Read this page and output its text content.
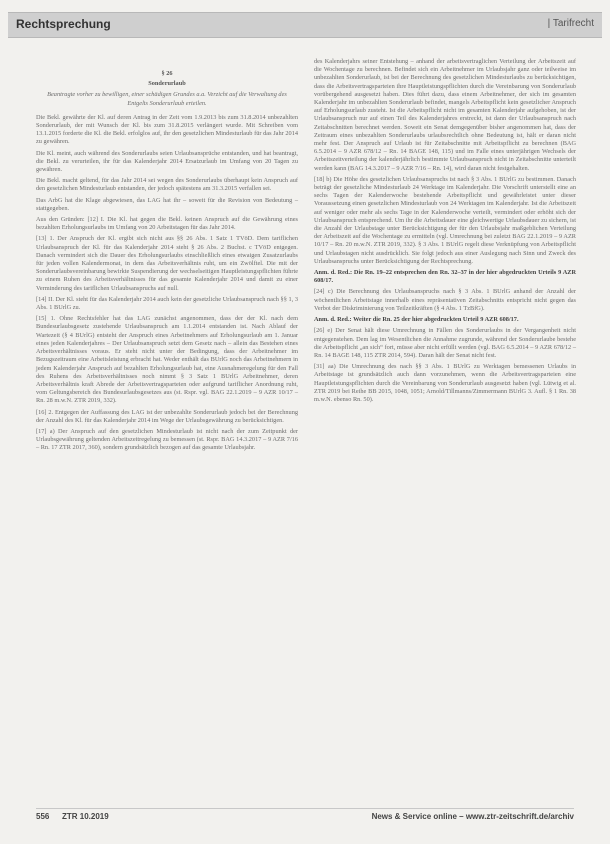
Rechtsprechung	| Tarifrecht

§ 26

Sonderurlaub

Beantragte vorher zu bewilligen, einer schädigen Grundes a.a. Verzicht auf die Verwaltung des Entgelts Sonderurlaub erteilen.

Die Bekl. gewährte der Kl. auf deren Antrag in der Zeit vom 1.9.2013 bis zum 31.8.2014 unbezahlten Sonderurlaub, der mit Wunsch der Kl. bis zum 31.8.2015 verlängert wurde. Mit Schreiben vom 13.1.2015 forderte die Kl. die Bekl. erfolglos auf, ihr den gesetzlichen Mindesturlaub für das Jahr 2014 zu gewähren.

Die Kl. meint, auch während des Sonderurlaubs seien Urlaubsansprüche entstanden, und hat beantragt, die Bekl. zu verurteilen, ihr für das Kalenderjahr 2014 Ersatzurlaub im Umfang von 20 Tagen zu gewähren.

Die Bekl. macht geltend, für das Jahr 2014 sei wegen des Sonderurlaubs überhaupt kein Anspruch auf den gesetzlichen Mindesturlaub entstanden, der jedoch spätestens am 31.3.2015 verfallen sei.

Das ArbG hat die Klage abgewiesen, das LAG hat ihr – soweit für die Revision von Bedeutung – stattgegeben.

Aus den Gründen: [12] I. Die Kl. hat gegen die Bekl. keinen Anspruch auf die Gewährung eines bezahlten Erholungsurlaubs im Umfang von 20 Arbeitstagen für das Jahr 2014.

[13] 1. Der Anspruch der Kl. ergibt sich nicht aus §§ 26 Abs. 1 Satz 1 TVöD. Dem tariflichen Urlaubsanspruch der Kl. für das Kalenderjahr 2014 steht § 26 Abs. 2 Buchst. c TVöD entgegen. Danach vermindert sich die Dauer des Erholungsurlaubs einschließlich eines etwaigen Zusatzurlaubs für jeden vollen Kalendermonat, in dem das Arbeitsverhältnis ruht, um ein Zwölftel. Die mit der Sonderurlaubsvereinbarung bewirkte Suspendierung der wechselseitigen Hauptleistungspflichten führte zu einem Ruhen des Arbeitsverhältnisses für das gesamte Kalenderjahr 2014 und damit zu einer Verminderung des tariflichen Urlaubsanspruchs auf null.

[14] II. Der Kl. steht für das Kalenderjahr 2014 auch kein der gesetzliche Urlaubsanspruch nach §§ 1, 3 Abs. 1 BUrlG zu.

[15] 1. Ohne Rechtsfehler hat das LAG zunächst angenommen, dass der der Kl. nach dem Bundesurlaubsgesetz zustehende Urlaubsanspruch am 1.1.2014 entstanden ist. Nach Ablauf der Wartezeit (§ 4 BUrlG) entsteht der Anspruch eines Arbeitnehmers auf Erholungsurlaub am 1. Januar eines jeden Kalenderjahres – Der Urlaubsanspruch setzt dem Gesetz nach – allein das Bestehen eines Arbeitsverhältnisses voraus. Er steht nicht unter der Bedingung, dass der Arbeitnehmer im Bezugszeitraum eine Arbeitsleistung erbracht hat. Weder enthält das BUrlG noch das Arbeitnehmern in jedem Kalenderjahr Anspruch auf bezahlten Erholungsurlaub hat, eine Ausnahmeregelung für den Fall des Ruhens des Arbeitsverhältnisses noch nimmt § 3 Satz 1 BUrlG Arbeitnehmer, deren Arbeitsverhältnis kraft Abrede der Arbeitsvertragsparteien oder aufgrund tariflicher Anordnung ruht, vom Geltungsbereich des Bundesurlaubsgesetzes aus (st. Rspr. vgl. BAG 22.1.2019 – 9 AZR 10/17 – Rn. 28 m.w.N. ZTR 2019, 332).

[16] 2. Entgegen der Auffassung des LAG ist der unbezahlte Sonderurlaub jedoch bei der Berechnung der Anzahl des Kl. für das Kalenderjahr 2014 im Wege der Urlaubsgewährung zu berücksichtigen.

[17] a) Der Anspruch auf den gesetzlichen Mindesturlaub ist nicht nach der zum Zeitpunkt der Urlaubsgewährung geltenden Arbeitszeitregelung zu bemessen (st. Rspr. BAG 14.3.2017 – 9 AZR 7/16 – Rn. 17 ZTR 2017, 360), sondern grundsätzlich bezogen auf das gesamte Urlaubsjahr.

des Kalenderjahrs seiner Entstehung – anhand der arbeitsvertraglichen Verteilung der Arbeitszeit auf die Wochentage zu berechnen. Befindet sich ein Arbeitnehmer im Urlaubsjahr ganz oder teilweise im unbezahlten Sonderurlaub, ist bei der Berechnung des gesetzlichen Mindesturlaubs zu berücksichtigen, dass die Arbeitsvertragsparteien ihre Hauptleistungspflichten durch die Vereinbarung von Sonderurlaub vorübergehend ausgesetzt haben. Dies führt dazu, dass einem Arbeitnehmer, der sich im gesamten Kalenderjahr im unbezahlten Sonderurlaub befindet, mangels Arbeitspflicht kein gesetzlicher Anspruch auf Erholungsurlaub zusteht. Ist die Arbeitspflicht nicht im gesamten Kalenderjahr aufgehoben, ist der Urlaubsanspruch nur auf einen Teil des Kalenderjahres erstreckt, ist dann der Urlaubsanspruch nach Zeitabschnitten berechnet werden. Soweit ein Senat demgegenüber bisher angenommen hat, dass der Zeitraum eines unbezahlten Sonderurlaubs urlaubsrechtlich ohne Bedeutung ist, hält er daran nicht mehr fest. Der Anspruch auf Urlaub ist für Zeitabschnitte mit Arbeitspflicht zu berechnen (BAG 6.5.2014 – 9 AZR 678/12 – Rn. 14 BAGE 148, 115) und im Falle eines unterjährigen Wechsels der Arbeitszeitverteilung der kalenderjährlich bestimmte Urlaubsanspruch nicht in Zeitabschnitte unterteilt werden kann (BAG 14.3.2017 – 9 AZR 7/16 – Rn. 14), wird daran nicht festgehalten.

[18] b) Die Höhe des gesetzlichen Urlaubsanspruchs ist nach § 3 Abs. 1 BUrlG zu bestimmen. Danach beträgt der gesetzliche Mindesturlaub 24 Werktage im Kalenderjahr. Die Vorschrift unterstellt eine an sechs Tagen der Kalenderwoche bestehende Arbeitspflicht und gewährleistet unter dieser Voraussetzung einen gesetzlichen Mindesturlaub von 24 Werktagen im Kalenderjahr. Ist die Arbeitszeit auf weniger oder mehr als sechs Tage in der Kalenderwoche verteilt, vermindert oder erhöht sich der Urlaubsanspruch entsprechend. Um ihr die Arbeitsdauer eine gleichwertige Urlaubsdauer zu sichern, ist die Anzahl der Urlaubstage unter Berücksichtigung der für den Urlaubsjahr maßgeblichen Verteilung der Arbeitszeit auf die Wochentage zu ermitteln (vgl. Umrechnung bei zuletzt BAG 22.1.2019 – 9 AZR 10/17 – Rn. 20 m.w.N. ZTR 2019, 332). § 3 Abs. 1 BUrlG regelt diese Verknüpfung von Arbeitspflicht und Urlaubstagen nicht ausdrücklich. Sie folgt jedoch aus einer Auslegung nach Sinn und Zweck des Urlaubsanspruchs unter Berücksichtigung der Rechtsprechung.

Anm. d. Red.: Die Rn. 19–22 entsprechen den Rn. 32–37 in der hier abgedruckten Urteils 9 AZR 608/17.

[24] c) Die Berechnung des Urlaubsanspruchs nach § 3 Abs. 1 BUrlG anhand der Anzahl der wöchentlichen Arbeitstage innerhalb eines repräsentativen Zeitabschnitts entspricht nicht gegen das Verbot der Diskriminierung von Teilzeitkräften (§ 4 Abs. 1 TzBfG).

Anm. d. Red.: Weiter die Rn. 25 der hier abgedruckten Urteil 9 AZR 608/17.

[26] e) Der Senat hält diese Umrechnung in Fällen des Sonderurlaubs in der Vergangenheit nicht entgegenstehen. Dem lag im Wesentlichen die Annahme zugrunde, während der Sonderurlaube bestehe die Arbeitspflicht „an sich“ fort, müsse aber nicht erfüllt werden (vgl. BAG 6.5.2014 – 9 AZR 678/12 – Rn. 14 BAGE 148, 115 ZTR 2014, 594). Daran hält der Senat nicht fest.

[31] aa) Die Umrechnung des nach §§ 3 Abs. 1 BUrlG zu Werktagen bemessenen Urlaubs in Arbeitstage ist grundsätzlich auch dann vorzunehmen, wenn die Arbeitsvertragsparteien eine Hauptleistungspflichten durch die Vereinbarung von Sonderurlaub ausgesetzt haben (vgl. Lütwig et al. ZTR 2019 bei Reihe BB 2015, 1048, 1051; Arnold/Tillmanns/Zimmermann BUrlG 3. Aufl. § 1 Rn. 38 m.w.N. ebenso Rn. 50).

556 ZTR 10.2019	News & Service online – www.ztr-zeitschrift.de/archiv
